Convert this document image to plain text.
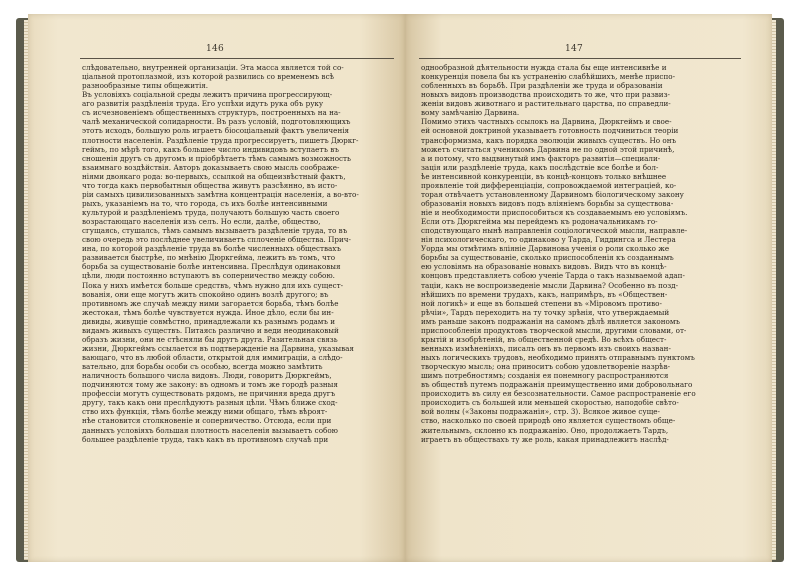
146
слѣдовательно, внутренней организацiи. Эта масса является той со-
цiальной протоплазмой, изъ которой развились со временемъ всѣ
разнообразные типы общежитiя.
Въ условiяхъ соцiальной среды лежитъ причина прогрессирующ-
аго развитiя раздѣленiя труда. Его успѣхи идутъ рука объ руку
съ исчезновенiемъ общественныхъ структуръ, построенныхъ на на-
чалѣ механической солидарности. Въ разъ условiй, подготовляющихъ
этотъ исходъ, большую роль играетъ бiосоцiальный фактъ увеличенiя
плотности населенiя. Раздѣленiе труда прогрессируетъ, пишетъ Дюркг-
геймъ, по мѣрѣ того, какъ большее число индивидовъ вступаетъ въ
сношенiя другъ съ другомъ и прiобрѣтаетъ тѣмъ самымъ возможность
взаимнаго воздѣйствiя. Авторъ доказываетъ свою мысль соображе-
нiями двоякаго рода: во-первыхъ, ссылкой на общеизвѣстный фактъ,
что тогда какъ первобытныя общества живутъ разсѣянно, въ исто-
рiи самыхъ цивилизованныхъ замѣтна концентрацiя населенiя, а во-вто-
рыхъ, указанiемъ на то, что города, съ ихъ болѣе интенсивными
культурой и раздѣленiемъ труда, получаютъ большую часть своего
возрастающаго населенiя изъ селъ. Но если, далѣе, общество,
сгущаясь, стушалсь, тѣмъ самымъ вызываетъ раздѣленiе труда, то въ
свою очередь это послѣднее увеличиваетъ сплоченiе общества. Прич-
ина, по которой раздѣленiе труда въ болѣе численныхъ обществахъ
развивается быстрѣе, по мнѣнiю Дюркгейма, лежитъ въ томъ, что
борьба за существованiе болѣе интенсивна. Преслѣдуя одинаковыя
цѣли, люди постоянно вступаютъ въ соперничество между собою.
Пока у нихъ имѣется больше средствъ, чѣмъ нужно для ихъ сущест-
вованiя, они еще могутъ жить спокойно одинъ возлѣ другого; въ
противномъ же случаѣ между ними загорается борьба, тѣмъ болѣе
жестокая, тѣмъ болѣе чувствуется нужда. Иное дѣло, если бы ин-
дивиды, живущiе совмѣстно, принадлежали къ разнымъ родамъ и
видамъ живыхъ существъ. Питаясь различно и веди неодинаковый
образъ жизни, они не стѣсняли бы другъ друга. Разительная связь
жизни, Дюркгеймъ ссылается въ подтвержденiе на Дарвина, указывая
вающаго, что въ любой области, открытой для иммиграцiи, а слѣдо-
вательно, для борьбы особи съ особью, всегда можно замѣтить
наличность большого числа видовъ. Люди, говоритъ Дюркгеймъ,
подчиняются тому же закону: въ одномъ и томъ же городѣ разныя
профессiи могутъ существовать рядомъ, не причиняя вреда другъ
другу, такъ какъ они преслѣдуютъ разныя цѣли. Чѣмъ ближе сход-
ство ихъ функцiя, тѣмъ болѣе между ними общаго, тѣмъ вѣроят-
нѣе становится столкновенiе и соперничество. Отсюда, если при
данныхъ условiяхъ большая плотность населенiя вызываетъ собою
большее раздѣленiе труда, такъ какъ въ противномъ случаѣ при
147
однообразной дѣятельности нужда стала бы еще интенсивнѣе и
конкуренцiя повела бы къ устраненiю слабѣйшихъ, менѣе приспо-
собленныхъ въ борьбѣ. При раздѣленiи же труда и образованiи
новыхъ видовъ производства происходитъ то же, что при развиз-
женiи видовъ животнаго и растительнаго царства, по справедли-
вому замѣчанiю Дарвина.
Помимо этихъ частныхъ ссылокъ на Дарвина, Дюркгеймъ и свое-
ей основной доктриной указываетъ готовность подчиниться теорiи
трансформизма, какъ порядка эволюцiи живыхъ существъ. Но онъ
можетъ считаться ученикомъ Дарвина не по одной этой причинѣ,
а и потому, что выдвинутый имъ факторъ развитiя—специали-
зацiя или раздѣленiе труда, какъ послѣдствiе все болѣе и бол-
ѣе интенсивной конкуренцiи, въ концѣ-концовъ только внѣшнее
проявленiе той дифференцiацiи, сопровождаемой интеграцiей, ко-
торая отвѣчаетъ установленному Дарвиномъ бiологическому закону
образованiя новыхъ видовъ подъ влiянiемъ борьбы за существова-
нiе и необходимости приспособиться къ создаваемымъ ею условiямъ.
Если отъ Дюркгейма мы перейдемъ къ родоначальникамъ го-
сподствующаго нынѣ направленiя соцiологической мысли, направле-
нiя психологическаго, то одинаково у Тарда, Гиддингса и Лестера
Уорда мы отмѣтимъ влiянiе Дарвинова ученiя о роли сколько же
борьбы за существованiе, сколько приспособленiя къ созданнымъ
ею условiямъ на образованiе новыхъ видовъ. Видъ что въ концѣ-
концовъ представляетъ собою ученiе Тарда о такъ называемой адап-
тацiи, какъ не воспроизведенiе мысли Дарвина? Особенно въ позд-
нѣйшихъ по времени трудахъ, какъ, напримѣръ, въ «Обществен-
ной логикѣ» и еще въ большей степени въ «Мiровомъ противо-
рѣчiи», Тардъ переходитъ на ту точку зрѣнiя, что утверждаемый
имъ раньше законъ подражанiя на самомъ дѣлѣ является закономъ
приспособленiя продуктовъ творческой мысли, другими словами, от-
крытiй и изобрѣтенiй, въ общественной средѣ. Во всѣхъ общест-
венныхъ измѣненiяхъ, писалъ онъ въ первомъ изъ своихъ назван-
ныхъ логическихъ трудовъ, необходимо принять отправнымъ пунктомъ
творческую мысль; она приноситъ собою удовлетворенiе назрѣв-
шимъ потребностямъ; созданiя ея понемногу распространяются
въ обществѣ путемъ подражанiя преимущественно ими добровольнаго
происходитъ въ силу ея безсознательности. Самое распространенiе его
происходитъ съ большей или меньшей скоростью, наподобiе свѣто-
вой волны («Законы подражанiя», стр. 3). Всякое живое суще-
ство, насколько по своей природѣ оно является существомъ обще-
жительнымъ, склонно къ подражанiю. Оно, продолжаетъ Тардъ,
играетъ въ обществахъ ту же роль, какая принадлежитъ наслѣд-
